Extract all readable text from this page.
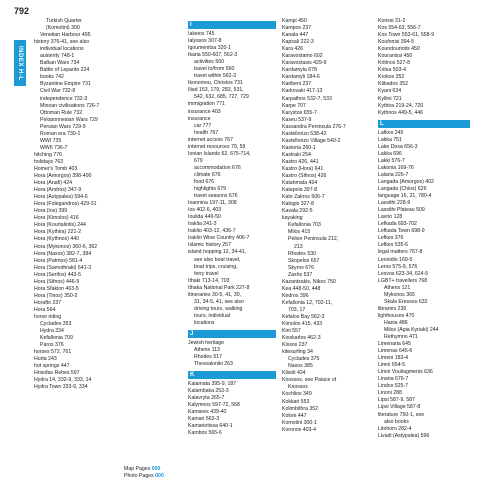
792
INDEX H-L
Turkish Quarter
(Komotini) 300
Venetian Harbour 495
history 376-41, see also
individual locations
austerity 748-1
Balkan Wars 734
Battle of Lepanto 224
books 742
Byzantine Empire 731
Civil War 732-8
independence 732-3
Minoan civilisations 726-7
Ottoman Rule 732
Peloponnesian Wars 729
Persian Wars 729-9
Roman era 730-1
WWI 735
WWII 736-7
hitching 776
holidays 763
Homer's Tomb 403
Hora (Amorgos) 398-400
Hora (Anafi) 424
Hora (Andros) 347-9
Hora (Astypalea) 594-6
Hora (Folegandros) 429-31
Hora (Ios) 399
Hora (Kimolos) 416
Hora (Kourtaliotis) 244
Hora (Kythira) 221-2
Hora (Kythnos) 440
Hora (Mykonos) 360-6, 362
Hora (Naxos) 382-7, 384
Hora (Patmos) 581-4
Hora (Samothraki) 641-3
Hora (Serifos) 443-5
Hora (Sifnos) 446-9
Hora Sfakion 463-5
Hora (Tinos) 350-2
Horafto 237
Hora 564
horse riding
Cyclades 353
Hydra 334
Kefallonia 709
Paros 376
horses 572, 761
Hurta 243
hot springs 447
Hrisofas Rehes 597
Hydra 14, 332-9, 333, 14
Hydra Town 333-9, 334
I
Iakeios 745
Ialyssos 307-8
Igoumenitsa 320-1
Ikaria 550-607, 562-3
activities 560
travel to/from 560
travel within 562-3
Ikonomou, Christos 731
Iliad 153, 179, 283, 531,
542, 632, 685, 727, 729
immigration 771
insurance 403
insurance
car 777
health 767
internet access 767
internet resources 79, 59
Ionian Islands 62, 675-714,
679
accommodation 676
climate 676
food 676
highlights 679
travel seasons 676
Ioannina 197-11, 308
Ios 402-6, 403
Ioulida 449-50
Iraklia 241-3
Iraklio 403-12, 436-7
Iraklio Wine Country 406-7
Islamic history 257
island hopping 12, 34-41,
see also boat travel,
boat trips, cruising,
ferry travel
Ithaki 713-14, 703
Ithaka National Park 227-8
itineraries 30-5, 41, 30,
31, 34-5, 41, see also
driving tours, walking
tours, individual
locations
J
Jewish heritage
Athens 113
Rhodes 517
Thessaloniki 263
K
Kalamata 395-9, 187
Kalambaka 253-3
Kalavryta 265-7
Kalymnos 597-72, 568
Kamares 439-40
Kamari 563-3
Kamariotissa 640-1
Kambos 565-6
Kampi 450
Kampos 237
Kanala 447
Kapsali 222-3
Kara 426
Karavostamo 602
Karavostasis 429-9
Kardamyla 678
Kardamyli 184-6
Karibeni 237
Karkovaki 417-13
Karpathos 532-7, 533
Karpe 707
Karystos 655-7
Kaseu 537-9
Kassandra Peninsula 276-7
Kastellorizo 538-42
Kastellorizo Village 540-2
Kastoria 260-1
Kastraki 254
Kastro 426, 441
Kastro (Hora) 641
Kastro (Sifnos) 426
Katahmata 424
Katapola 397-8
Kato Zakros 506-7
Katogis 327-8
Kavala 292-5
kayaking
Kefallonia 703
Milos 415
Pelion Peninsula 212,
213
Rhodes 530
Skopelos 657
Skyros 676
Zaxhs 537
Kazantzakis, Nikos 750
Kea 448-50, 448
Kedros 396
Kefallonia 12, 702-11,
703, 17
Kefalos Bay 562-3
Kimolos 415, 433
Kini 557
Kioskarlos 462-3
Kissos 237
kitesurfing 34
Cyclades 375
Naxos 385
Klisidi 424
Knossos, see Palace of
Knossos
Kochlios 349
Kokkari 553
Kolimbithra 352
Koloni 447
Komotini 300-1
Koronos 403-4
Korissi 31-2
Kos 554-63, 556-7
Kos Town 553-61, 558-9
Koufonisi 394-5
Koundouriotis 450
Kouranissi 450
Kritinos 527-8
Kritsa 503-4
Krokos 352
Ktikados 352
Kyani 634
Kyllini 721
Kythira 219-24, 720
Kythnos 449-5, 446
L
Lafkos 245
Lakka 751
Lake Doxa 656-3
Lakka 696
Lakki 576-7
Lakonia 169-76
Lalaria 226-7
Langada (Amorgos) 402
Langada (Chios) 626
language 16, 21, 780-4
Lassithi 228-9
Lassithi Plateau 509
Lavrio 128
Lefkada 693-702
Lefkada Town 698-9
Lefkes 376
Lefkes 535-6
legal matters 767-8
Leonidio 169-5
Leros 575-9, 576
Lesvos 623-34, 624-5
LGBT+ travellers 768
Athens 121
Mykonos 365
Skala Eressou 632
libraries 236
lighthouses 470
Hania 486
Milos (Agia Kyriaki) 244
Rethymno 471
Limenaria 645
Limenas 645-6
Limeni 183-4
Limni 654-5
Limni Vouliagmenis 636
Linaria 676-7
Lindos 525-7
Linoni 288
Lipsi 587-9, 587
Lipsi Village 587-8
literature 750-1, see
also books
Litohoro 282-4
Livadi (Astypalea) 596
Map Pages 000
Photo Pages 000
